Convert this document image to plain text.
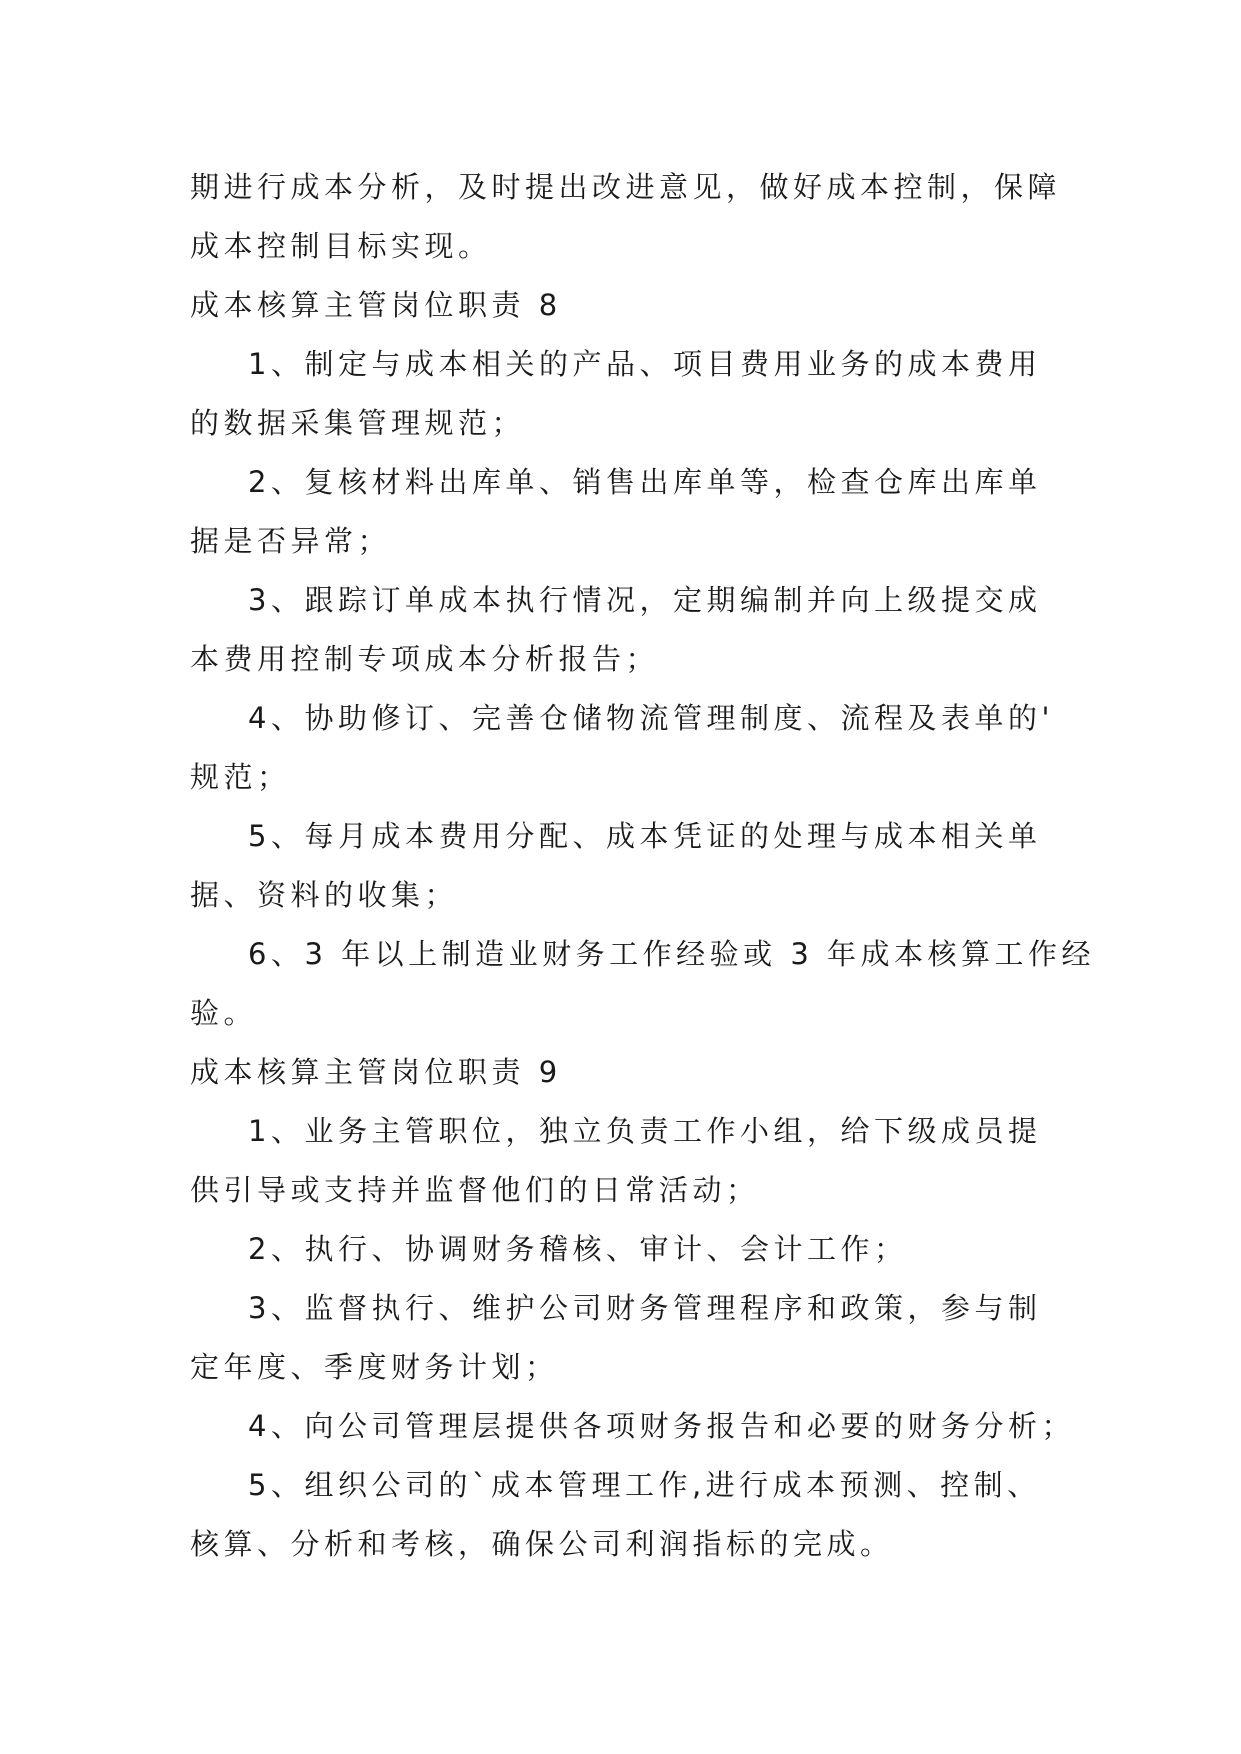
期进行成本分析，及时提出改进意见，做好成本控制，保障
成本控制目标实现。
成本核算主管岗位职责 8
1、制定与成本相关的产品、项目费用业务的成本费用
的数据采集管理规范；
2、复核材料出库单、销售出库单等，检查仓库出库单
据是否异常；
3、跟踪订单成本执行情况，定期编制并向上级提交成
本费用控制专项成本分析报告；
4、协助修订、完善仓储物流管理制度、流程及表单的'
规范；
5、每月成本费用分配、成本凭证的处理与成本相关单
据、资料的收集；
6、3 年以上制造业财务工作经验或 3 年成本核算工作经
验。
成本核算主管岗位职责 9
1、业务主管职位，独立负责工作小组，给下级成员提
供引导或支持并监督他们的日常活动；
2、执行、协调财务稽核、审计、会计工作；
3、监督执行、维护公司财务管理程序和政策，参与制
定年度、季度财务计划；
4、向公司管理层提供各项财务报告和必要的财务分析；
5、组织公司的`成本管理工作,进行成本预测、控制、
核算、分析和考核，确保公司利润指标的完成。
